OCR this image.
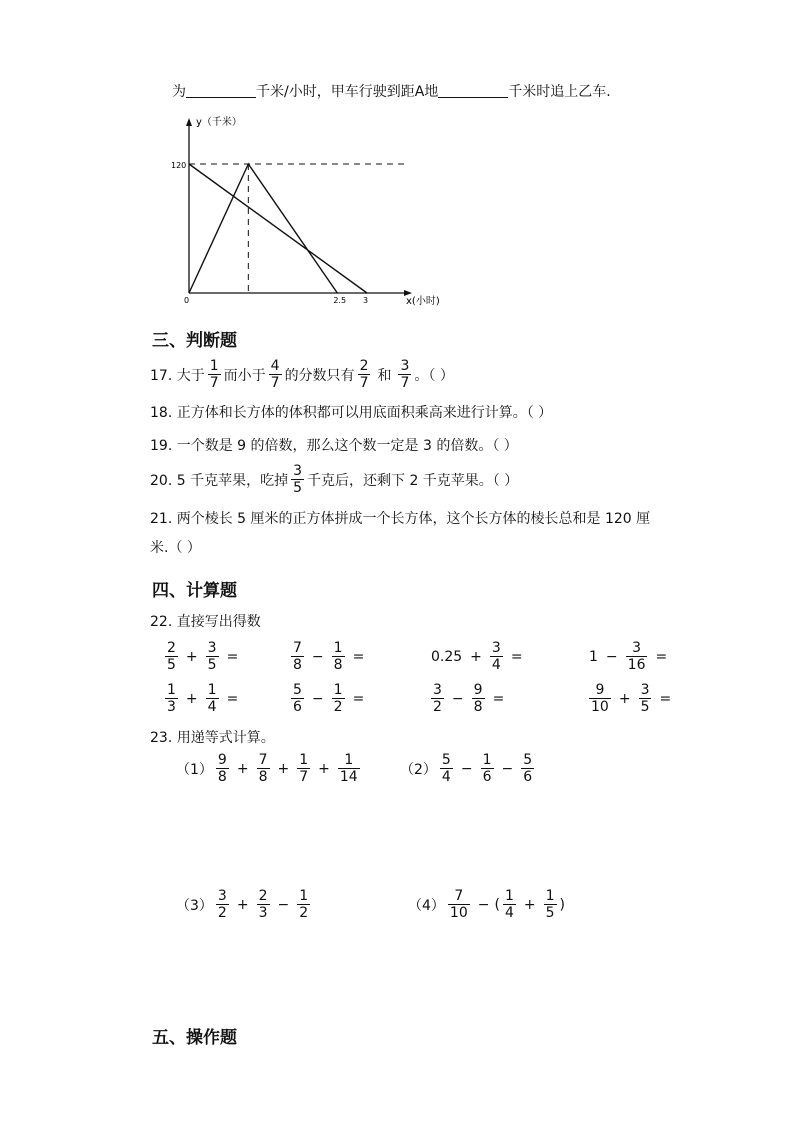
为	千米/小时，甲车行驶到距A地	千米时追上乙车.
y（千米）
x(小时)
120
0	2.5 3
三、判断题
17. 大于 $\frac{1}{7}$ 而小于 $\frac{4}{7}$ 的分数只有 $\frac{2}{7}$ 和 $\frac{3}{7}$ 。（ ）
18. 正方体和长方体的体积都可以用底面积乘高来进行计算。（ ）
19. 一个数是 9 的倍数，那么这个数一定是 3 的倍数。（ ）
20. 5 千克苹果，吃掉 $\frac{3}{5}$ 千克后，还剩下 2 千克苹果。（ ）
21. 两个棱长 5 厘米的正方体拼成一个长方体，这个长方体的棱长总和是 120 厘
米.（ ）
四、计算题
22. 直接写出得数
$\frac{2}{5} + \frac{3}{5}$ =	$\frac{7}{8} - \frac{1}{8}$ =	$0.25 + \frac{3}{4}$ =	$1 - \frac{3}{16}$ =
$\frac{1}{3} + \frac{1}{4}$ =	$\frac{5}{6} - \frac{1}{2}$ =	$\frac{3}{2} - \frac{9}{8}$ =	$\frac{9}{10} + \frac{3}{5}$ =
23. 用递等式计算。
$(1) \frac{9}{8} + \frac{7}{8} + \frac{1}{7} + \frac{1}{14}$	$(2) \frac{5}{4} - \frac{1}{6} - \frac{5}{6}$
$(3) \frac{3}{2} + \frac{2}{3} - \frac{1}{2}$	$(4) \frac{7}{10}$ − ( $\frac{1}{4} + \frac{1}{5}$ )
五、操作题
